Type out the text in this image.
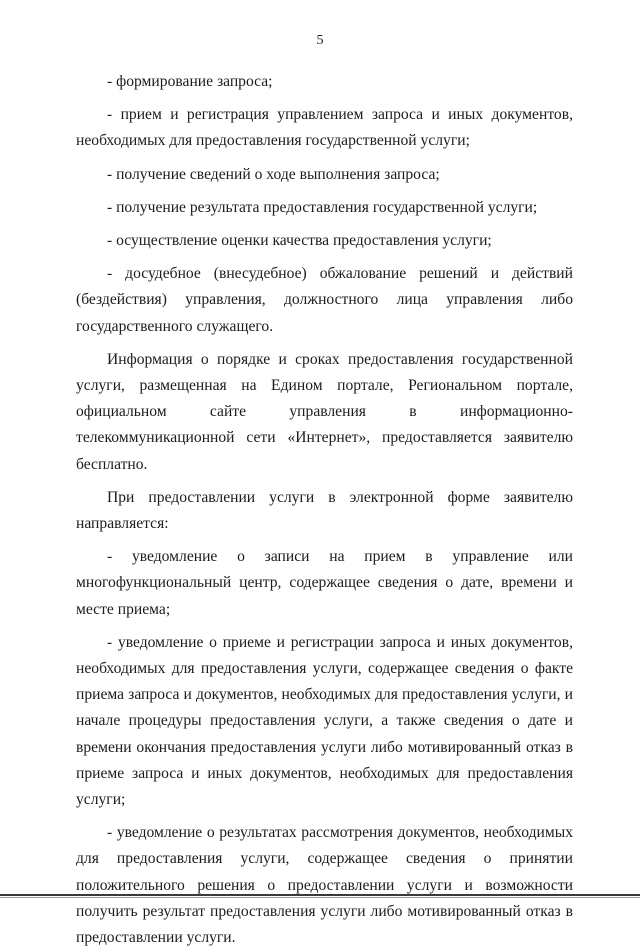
5

- формирование запроса;

- прием и регистрация управлением запроса и иных документов, необходимых для предоставления государственной услуги;

- получение сведений о ходе выполнения запроса;

- получение результата предоставления государственной услуги;

- осуществление оценки качества предоставления услуги;

- досудебное (внесудебное) обжалование решений и действий (бездействия) управления, должностного лица управления либо государственного служащего.

Информация о порядке и сроках предоставления государственной услуги, размещенная на Едином портале, Региональном портале, официальном сайте управления в информационно-телекоммуникационной сети «Интернет», предоставляется заявителю бесплатно.

При предоставлении услуги в электронной форме заявителю направляется:

- уведомление о записи на прием в управление или многофункциональный центр, содержащее сведения о дате, времени и месте приема;

- уведомление о приеме и регистрации запроса и иных документов, необходимых для предоставления услуги, содержащее сведения о факте приема запроса и документов, необходимых для предоставления услуги, и начале процедуры предоставления услуги, а также сведения о дате и времени окончания предоставления услуги либо мотивированный отказ в приеме запроса и иных документов, необходимых для предоставления услуги;

- уведомление о результатах рассмотрения документов, необходимых для предоставления услуги, содержащее сведения о принятии положительного решения о предоставлении услуги и возможности получить результат предоставления услуги либо мотивированный отказ в предоставлении услуги.
